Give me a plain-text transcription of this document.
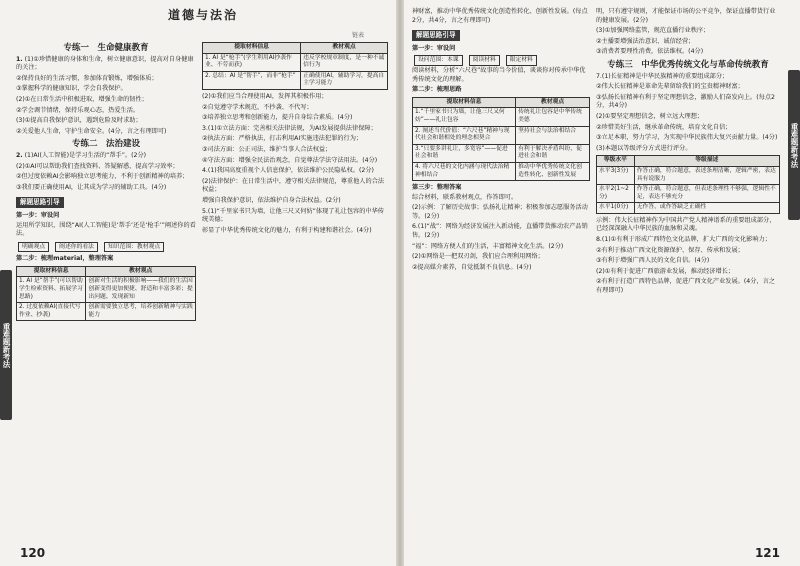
道德与法治
重难题新考法
专练一　生命健康教育
1. (1)①珍惜健康的身体和生命，树立健康意识，提高对自身健康的关注；
②保持良好的生活习惯，参加体育锻炼，增强体质；
③掌握科学的健康知识，学会自我保护。
(2)①在日常生活中积极进取，增强生命的韧性；
②学会调节情绪，保持乐观心态，热爱生活。
(3)①提高自我保护意识，遇到危险及时求助；
②关爱他人生命，守护生命安全。(4分，言之有理即可)
专练二　法治建设
2. (1)AI(人工智能)是学习生活的“帮手”。(2分)
(2)①AI可以帮助我们查找资料、答疑解惑，提高学习效率；
②但过度依赖AI会影响独立思考能力，不利于创新精神的培养；
③我们要正确使用AI，让其成为学习的辅助工具。(4分)
解题思路引导
第一步：审设问
运用所学知识，围绕“AI(人工智能)是‘帮手’还是‘枪手’”阐述你的看法。
明确观点 阐述你的看法 知识范围：教材观点
第二步：梳理material，整理答案
提取材料信息	教材观点
1. AI 是“帮手”(可以帮助学生检索资料、拓展学习思路)	创新对生活的积极影响——我们的生活因创新变得更加便捷、舒适和丰富多彩；提出问题、发现新知
2. 过度依赖AI(直接代写作业、抄袭)	创新需要独立思考，培养创新精神与实践能力
链表
提取材料信息	教材观点
1. AI 是“枪手”(学生利用AI抄袭作业、不劳而获)	违反学校规章制度，是一种不诚信行为
2. 总结：AI 是“帮手”，而非“枪手”	正确使用AI，辅助学习，提高自主学习能力
(2)①我们应当合理使用AI，发挥其积极作用；
②自觉遵守学术规范，不抄袭、不代写；
③培养独立思考和创新能力，提升自身综合素质。(4分)
3.(1)①立法方面：完善相关法律法规，为AI发展提供法律保障；
②执法方面：严格执法，打击利用AI实施违法犯罪的行为；
③司法方面：公正司法，维护当事人合法权益；
④守法方面：增强全民法治观念，自觉尊法学法守法用法。(4分)
4.(1)我国高度重视个人信息保护，依法维护公民隐私权。(2分)
(2)法律保护：在日常生活中，遵守相关法律规范，尊重他人的合法权益；
增强自我保护意识，依法维护自身合法权益。(2分)
5.(1)“千里家书只为墙，让他三尺又何妨”体现了礼让包容的中华传统美德；
彰显了中华优秀传统文化的魅力，有利于构建和谐社会。(4分)
120
重难题新考法
神财富，推动中华优秀传统文化创造性转化、创新性发展。(每点2分，共4分，言之有理即可)
解题思路引导
第一步：审设问
设问范围：本课 阅读材料 限定材料
阅读材料，分析“六尺巷”故事的当今价值，谈谈你对传承中华优秀传统文化的理解。
第二步：梳理思路
提取材料信息	教材观点
1.“千里家书只为墙，让他三尺又何妨”——礼让包容	传统礼让包容是中华传统美德
2. 阐述当代价值：“六尺巷”精神与现代社会和谐相处的理念相契合	坚持社会与法治相结合
3.“只要多讲礼让，多宽容”——促进社会和谐	有利于解决矛盾纠纷，促进社会和谐
4. 将六尺巷的文化内涵与现代法治精神相结合	推动中华优秀传统文化创造性转化、创新性发展
第三步：整理答案
综合材料，联系教材观点，作答即可。
(2)示例：了解历史故事；弘扬礼让精神；积极参加志愿服务活动等。(2分)
6.(1)“战”：网络为经济发展注入新动能，直播带货推动农产品销售。(2分)
“福”：网络方便人们的生活，丰富精神文化生活。(2分)
(2)①网络是一把双刃剑，我们应合理利用网络；
②提高媒介素养，自觉抵制不良信息。(4分)
明，只有遵守规则，才能保证市场的公平竞争，保证直播带货行业的健康发展。(2分)
(3)①加强网络监管，规范直播行业秩序；
②主播要增强法治意识、诚信经营；
③消费者要理性消费，依法维权。(4分)
专练三　中华优秀传统文化与革命传统教育
7.(1)长征精神是中华民族精神的重要组成部分；
②伟大长征精神是革命先辈留给我们的宝贵精神财富；
③弘扬长征精神有利于坚定理想信念，激励人们奋发向上。(每点2分，共4分)
(2)①要坚定理想信念，树立远大理想；
②珍惜美好生活，继承革命传统，培育文化自信；
③立足本职，努力学习，为实现中华民族伟大复兴贡献力量。(4分)
(3)本题以等级评分方式进行评分。
等级水平	等级描述
水平3(3分)	作答正确，符合题意，表述条理清晰，逻辑严密，表达具有说服力
水平2(1~2分)	作答正确，符合题意，但表述条理性不够强，逻辑性不足，表达不够充分
水平1(0分)	无作答，或作答缺乏正确性
示例：伟大长征精神作为中国共产党人精神谱系的重要组成部分，已经深深融入中华民族的血脉和灵魂。
8.(1)①有利于形成广西特色文化品牌，扩大广西的文化影响力；
②有利于推动广西文化资源保护、保存、传承和发展；
③有利于增强广西人民的文化自信。(4分)
(2)①有利于促进广西旅游业发展，推动经济增长；
②有利于打造广西特色品牌，促进广西文化产业发展。(4分，言之有理即可)
121
